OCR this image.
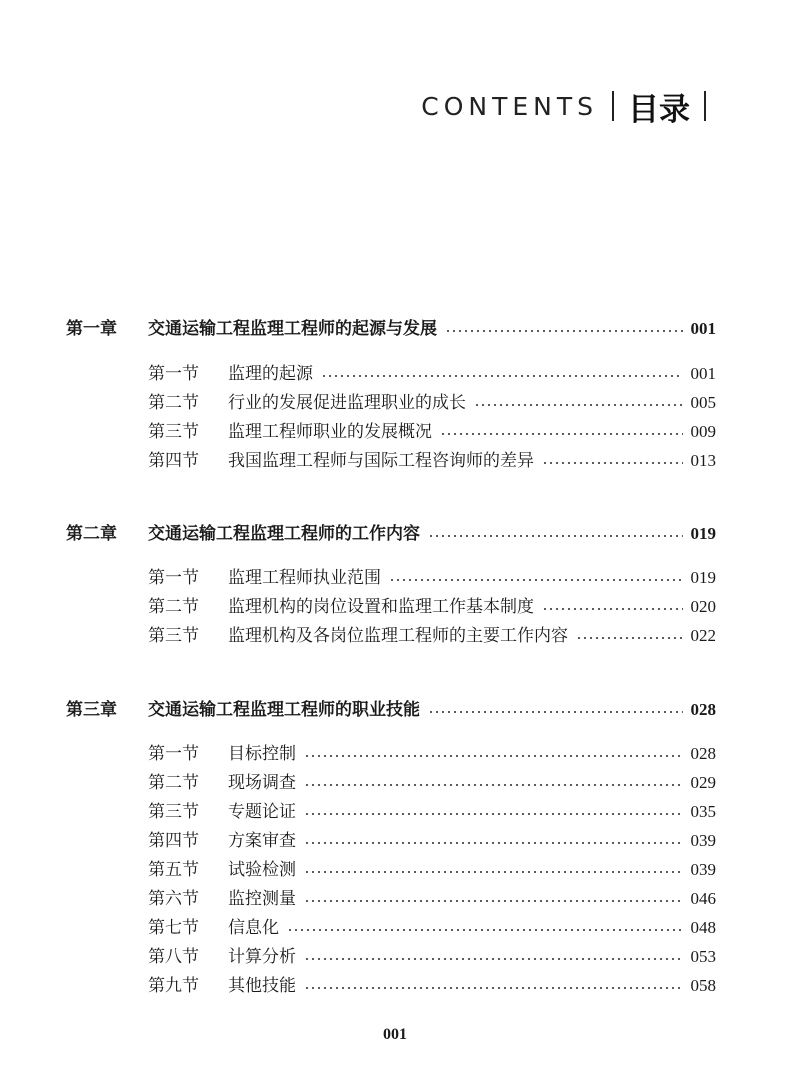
CONTENTS 目录
第一章	交通运输工程监理工程师的起源与发展	001
第一节	监理的起源	001
第二节	行业的发展促进监理职业的成长	005
第三节	监理工程师职业的发展概况	009
第四节	我国监理工程师与国际工程咨询师的差异	013
第二章	交通运输工程监理工程师的工作内容	019
第一节	监理工程师执业范围	019
第二节	监理机构的岗位设置和监理工作基本制度	020
第三节	监理机构及各岗位监理工程师的主要工作内容	022
第三章	交通运输工程监理工程师的职业技能	028
第一节	目标控制	028
第二节	现场调查	029
第三节	专题论证	035
第四节	方案审查	039
第五节	试验检测	039
第六节	监控测量	046
第七节	信息化	048
第八节	计算分析	053
第九节	其他技能	058
001
